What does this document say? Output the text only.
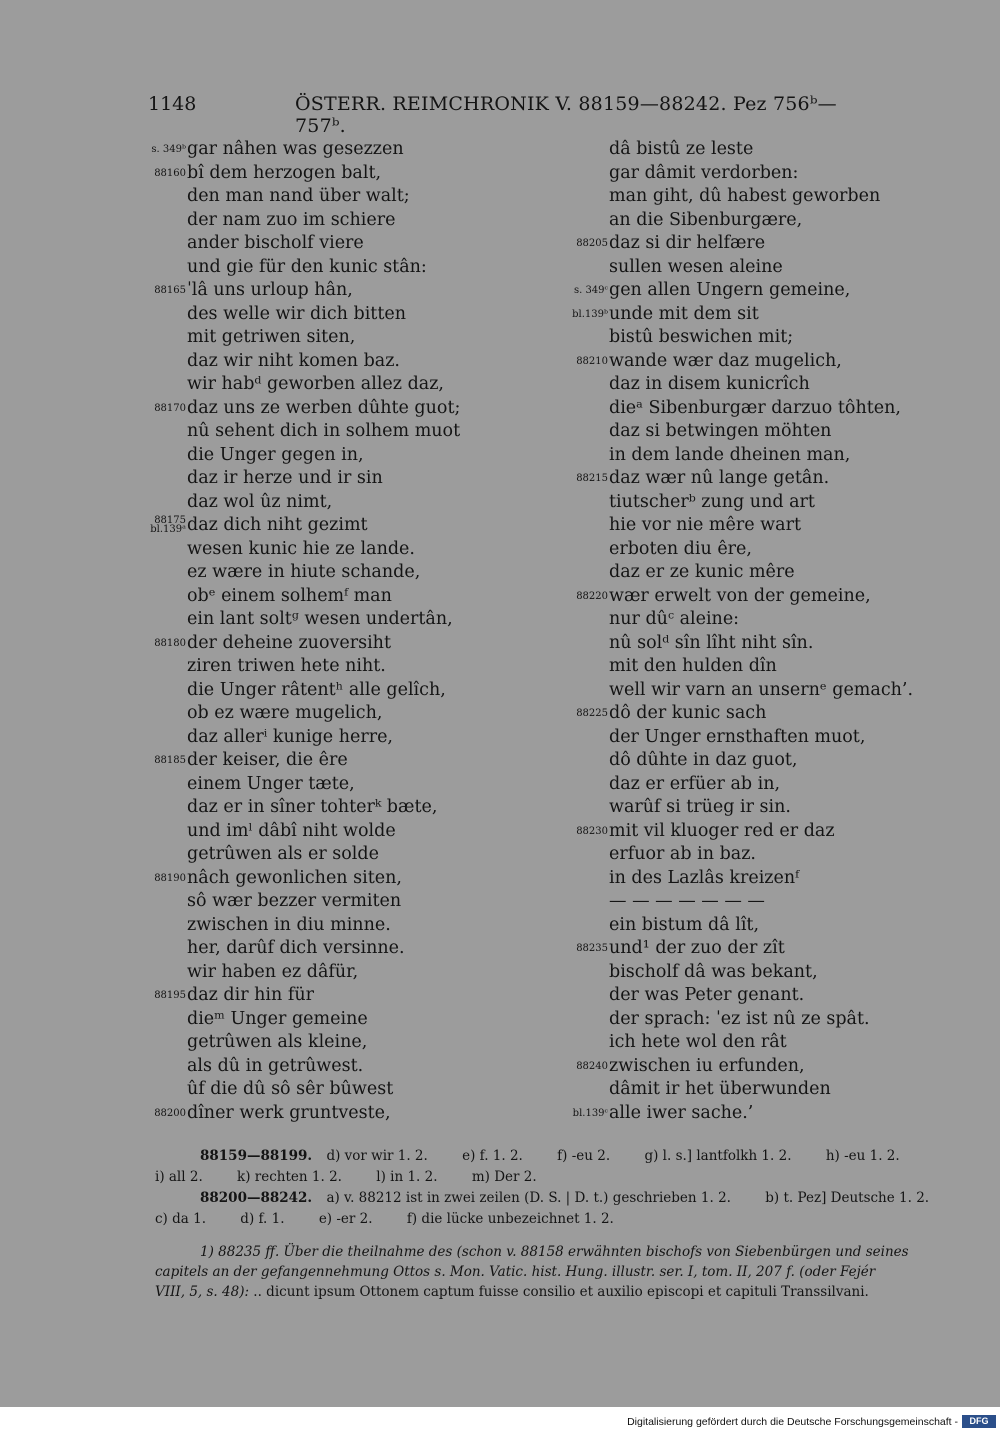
1148	ÖSTERR. REIMCHRONIK V. 88159—88242. Pez 756ᵇ—757ᵇ.
s. 349ᵇ gar nâhen was gesezzen
88160 bî dem herzogen balt,
den man nand über walt;
der nam zuo im schiere
ander bischolf viere
und gie für den kunic stân:
88165 ˈlâ uns urloup hân,
des welle wir dich bitten
mit getriwen siten,
daz wir niht komen baz.
wir habᵈ geworben allez daz,
88170 daz uns ze werben dûhte guot;
nû sehent dich in solhem muot
die Unger gegen in,
daz ir herze und ir sin
daz wol ûz nimt,
88175
bl.139ᵃ daz dich niht gezimt
wesen kunic hie ze lande.
ez wære in hiute schande,
obᵉ einem solhemᶠ man
ein lant soltᵍ wesen undertân,
88180 der deheine zuoversiht
ziren triwen hete niht.
die Unger râtentʰ alle gelîch,
ob ez wære mugelich,
daz allerⁱ kunige herre,
88185 der keiser, die êre
einem Unger tæte,
daz er in sîner tohterᵏ bæte,
und imˡ dâbî niht wolde
getrûwen als er solde
88190 nâch gewonlichen siten,
sô wær bezzer vermiten
zwischen in diu minne.
her, darûf dich versinne.
wir haben ez dâfür,
88195 daz dir hin für
dieᵐ Unger gemeine
getrûwen als kleine,
als dû in getrûwest.
ûf die dû sô sêr bûwest
88200 dîner werk gruntveste,
dâ bistû ze leste
gar dâmit verdorben:
man giht, dû habest geworben
an die Sibenburgære,
88205 daz si dir helfære
sullen wesen aleine
s. 349ᶜ gen allen Ungern gemeine,
bl.139ᵇ unde mit dem sit
bistû beswichen mit;
88210 wande wær daz mugelich,
daz in disem kunicrîch
dieᵃ Sibenburgær darzuo tôhten,
daz si betwingen möhten
in dem lande dheinen man,
88215 daz wær nû lange getân.
tiutscherᵇ zung und art
hie vor nie mêre wart
erboten diu êre,
daz er ze kunic mêre
88220 wær erwelt von der gemeine,
nur dûᶜ aleine:
nû solᵈ sîn lîht niht sîn.
mit den hulden dîn
well wir varn an unsernᵉ gemach’.
88225 dô der kunic sach
der Unger ernsthaften muot,
dô dûhte in daz guot,
daz er erfüer ab in,
warûf si trüeg ir sin.
88230 mit vil kluoger red er daz
erfuor ab in baz.
in des Lazlâs kreizenᶠ
— — — — — — —
ein bistum dâ lît,
88235 und¹ der zuo der zît
bischolf dâ was bekant,
der was Peter genant.
der sprach: ˈez ist nû ze spât.
ich hete wol den rât
88240 zwischen iu erfunden,
dâmit ir het überwunden
bl.139ᶜ alle iwer sache.’
88159—88199. d) vor wir 1. 2.        e) f. 1. 2.        f) -eu 2.        g) l. s.] lantfolkh 1. 2.        h) -eu 1. 2.
i) all 2.        k) rechten 1. 2.        l) in 1. 2.        m) Der 2.
88200—88242. a) v. 88212 ist in zwei zeilen (D. S. | D. t.) geschrieben 1. 2.        b) t. Pez] Deutsche 1. 2.
c) da 1.        d) f. 1.        e) -er 2.        f) die lücke unbezeichnet 1. 2.
1) 88235 ff. Über die theilnahme des (schon v. 88158 erwähnten bischofs von Siebenbürgen und seines
capitels an der gefangennehmung Ottos s. Mon. Vatic. hist. Hung. illustr. ser. I, tom. II, 207 f. (oder Fejér
VIII, 5, s. 48): .. dicunt ipsum Ottonem captum fuisse consilio et auxilio episcopi et capituli Transsilvani.
Digitalisierung gefördert durch die Deutsche Forschungsgemeinschaft -	DFG
